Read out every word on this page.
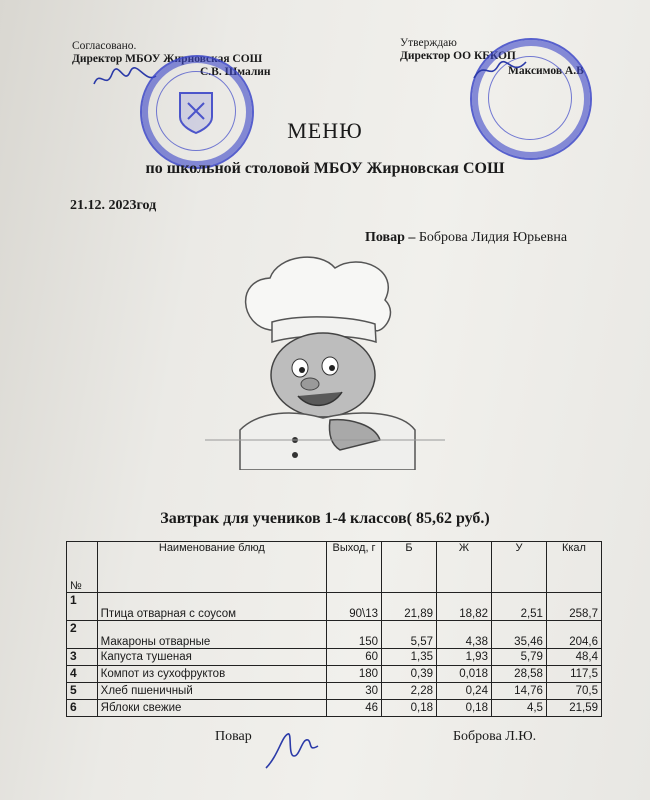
Согласовано.
Директор МБОУ Жирновская СОШ
С.В. Шмалин
Утверждаю
Директор ОО КБКОП
Максимов А.В
МЕНЮ
по школьной столовой МБОУ Жирновская СОШ
21.12. 2023год
Повар – Боброва Лидия Юрьевна
Завтрак для учеников 1-4 классов( 85,62 руб.)
№	Наименование блюд	Выход, г	Б	Ж	У	Ккал
1	Птица отварная с соусом	90\13	21,89	18,82	2,51	258,7
2	Макароны отварные	150	5,57	4,38	35,46	204,6
3	Капуста тушеная	60	1,35	1,93	5,79	48,4
4	Компот из сухофруктов	180	0,39	0,018	28,58	117,5
5	Хлеб пшеничный	30	2,28	0,24	14,76	70,5
6	Яблоки свежие	46	0,18	0,18	4,5	21,59
Повар	Боброва Л.Ю.
